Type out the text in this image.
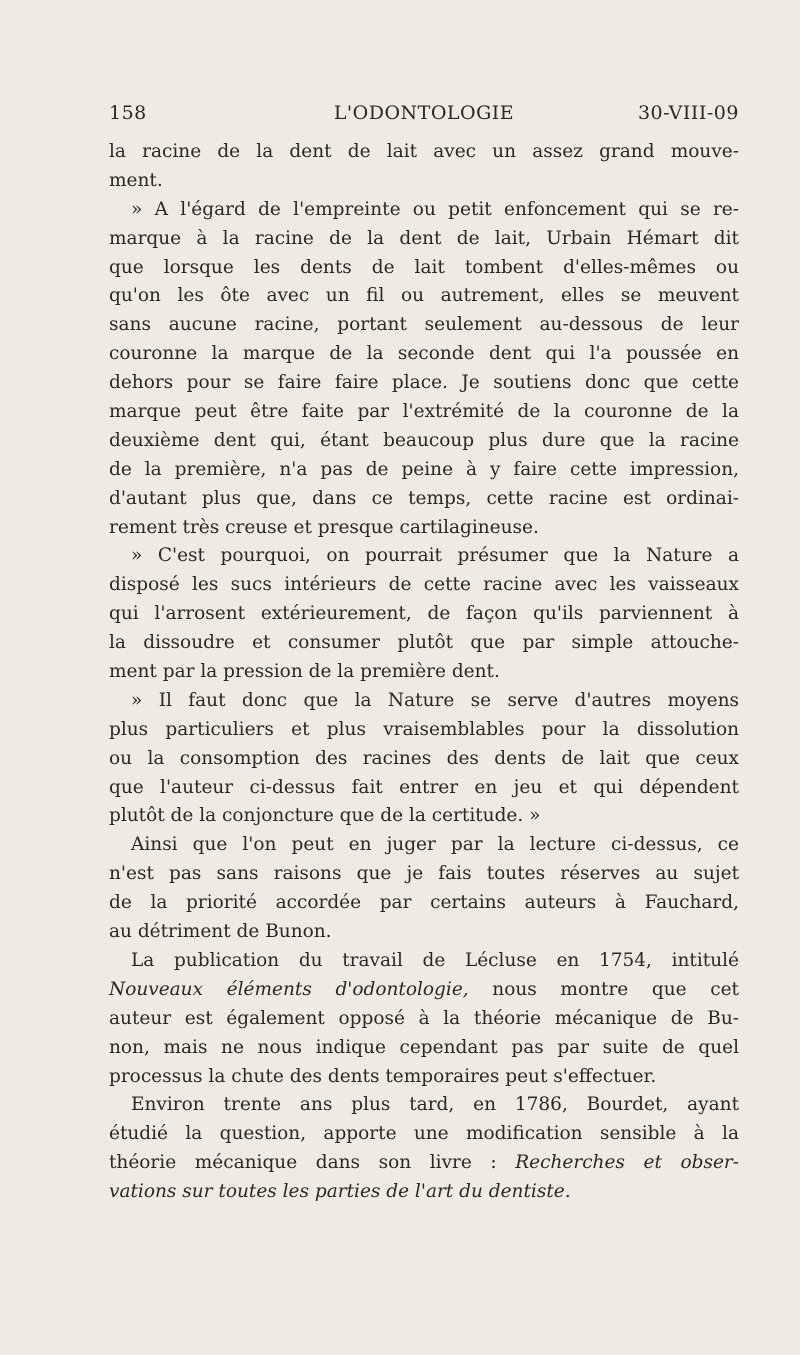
158	L'ODONTOLOGIE	30-VIII-09
la racine de la dent de lait avec un assez grand mouve-
ment.
» A l'égard de l'empreinte ou petit enfoncement qui se re-
marque à la racine de la dent de lait, Urbain Hémart dit
que lorsque les dents de lait tombent d'elles-mêmes ou
qu'on les ôte avec un fil ou autrement, elles se meuvent
sans aucune racine, portant seulement au-dessous de leur
couronne la marque de la seconde dent qui l'a poussée en
dehors pour se faire faire place. Je soutiens donc que cette
marque peut être faite par l'extrémité de la couronne de la
deuxième dent qui, étant beaucoup plus dure que la racine
de la première, n'a pas de peine à y faire cette impression,
d'autant plus que, dans ce temps, cette racine est ordinai-
rement très creuse et presque cartilagineuse.
» C'est pourquoi, on pourrait présumer que la Nature a
disposé les sucs intérieurs de cette racine avec les vaisseaux
qui l'arrosent extérieurement, de façon qu'ils parviennent à
la dissoudre et consumer plutôt que par simple attouche-
ment par la pression de la première dent.
» Il faut donc que la Nature se serve d'autres moyens
plus particuliers et plus vraisemblables pour la dissolution
ou la consomption des racines des dents de lait que ceux
que l'auteur ci-dessus fait entrer en jeu et qui dépendent
plutôt de la conjoncture que de la certitude. »
Ainsi que l'on peut en juger par la lecture ci-dessus, ce
n'est pas sans raisons que je fais toutes réserves au sujet
de la priorité accordée par certains auteurs à Fauchard,
au détriment de Bunon.
La publication du travail de Lécluse en 1754, intitulé
Nouveaux éléments d'odontologie, nous montre que cet
auteur est également opposé à la théorie mécanique de Bu-
non, mais ne nous indique cependant pas par suite de quel
processus la chute des dents temporaires peut s'effectuer.
Environ trente ans plus tard, en 1786, Bourdet, ayant
étudié la question, apporte une modification sensible à la
théorie mécanique dans son livre : Recherches et obser-
vations sur toutes les parties de l'art du dentiste.
